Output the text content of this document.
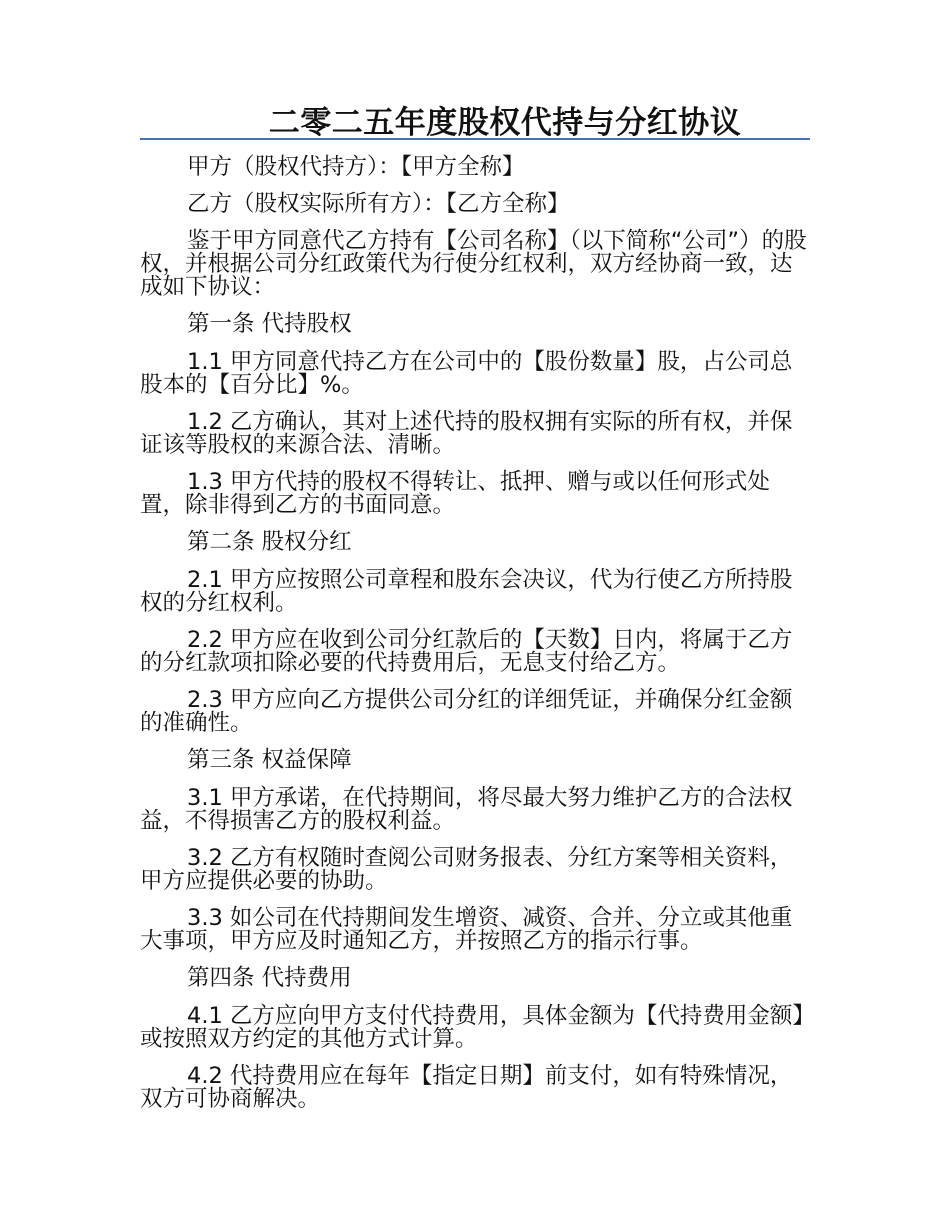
二零二五年度股权代持与分红协议

甲方（股权代持方）：【甲方全称】

乙方（股权实际所有方）：【乙方全称】

鉴于甲方同意代乙方持有【公司名称】（以下简称“公司”）的股权，并根据公司分红政策代为行使分红权利，双方经协商一致，达成如下协议：

第一条 代持股权

1.1 甲方同意代持乙方在公司中的【股份数量】股，占公司总股本的【百分比】%。

1.2 乙方确认，其对上述代持的股权拥有实际的所有权，并保证该等股权的来源合法、清晰。

1.3 甲方代持的股权不得转让、抵押、赠与或以任何形式处置，除非得到乙方的书面同意。

第二条 股权分红

2.1 甲方应按照公司章程和股东会决议，代为行使乙方所持股权的分红权利。

2.2 甲方应在收到公司分红款后的【天数】日内，将属于乙方的分红款项扣除必要的代持费用后，无息支付给乙方。

2.3 甲方应向乙方提供公司分红的详细凭证，并确保分红金额的准确性。

第三条 权益保障

3.1 甲方承诺，在代持期间，将尽最大努力维护乙方的合法权益，不得损害乙方的股权利益。

3.2 乙方有权随时查阅公司财务报表、分红方案等相关资料，甲方应提供必要的协助。

3.3 如公司在代持期间发生增资、减资、合并、分立或其他重大事项，甲方应及时通知乙方，并按照乙方的指示行事。

第四条 代持费用

4.1 乙方应向甲方支付代持费用，具体金额为【代持费用金额】或按照双方约定的其他方式计算。

4.2 代持费用应在每年【指定日期】前支付，如有特殊情况，双方可协商解决。
